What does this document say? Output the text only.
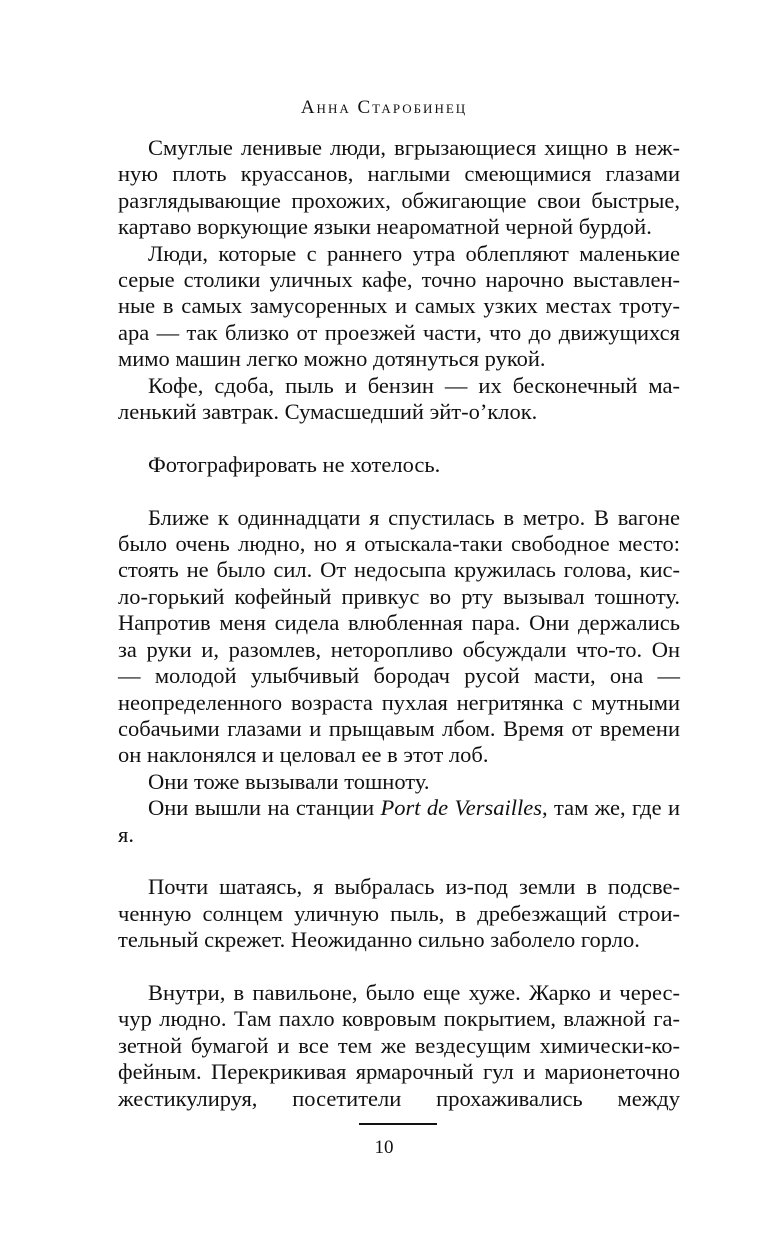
Анна Старобинец

Смуглые ленивые люди, вгрызающиеся хищно в нежную плоть круассанов, наглыми смеющимися глазами разглядывающие прохожих, обжигающие свои быстрые, картаво воркующие языки неароматной черной бурдой.

Люди, которые с раннего утра облепляют маленькие серые столики уличных кафе, точно нарочно выставленные в самых замусоренных и самых узких местах тротуара — так близко от проезжей части, что до движущихся мимо машин легко можно дотянуться рукой.

Кофе, сдоба, пыль и бензин — их бесконечный маленький завтрак. Сумасшедший эйт-о’клок.

Фотографировать не хотелось.

Ближе к одиннадцати я спустилась в метро. В вагоне было очень людно, но я отыскала-таки свободное место: стоять не было сил. От недосыпа кружилась голова, кисло-горький кофейный привкус во рту вызывал тошноту. Напротив меня сидела влюбленная пара. Они держались за руки и, разомлев, неторопливо обсуждали что-то. Он — молодой улыбчивый бородач русой масти, она — неопределенного возраста пухлая негритянка с мутными собачьими глазами и прыщавым лбом. Время от времени он наклонялся и целовал ее в этот лоб.

Они тоже вызывали тошноту.

Они вышли на станции Port de Versailles, там же, где и я.

Почти шатаясь, я выбралась из-под земли в подсвеченную солнцем уличную пыль, в дребезжащий строительный скрежет. Неожиданно сильно заболело горло.

Внутри, в павильоне, было еще хуже. Жарко и чересчур людно. Там пахло ковровым покрытием, влажной газетной бумагой и все тем же вездесущим химически-кофейным. Перекрикивая ярмарочный гул и марионеточно жестикулируя, посетители прохаживались между

10
